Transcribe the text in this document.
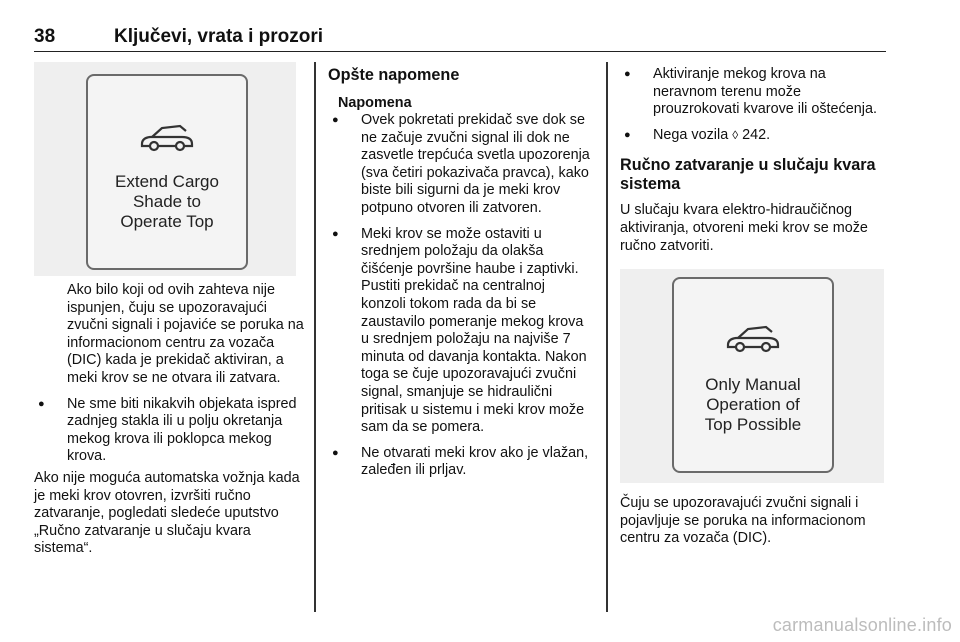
38	Ključevi, vrata i prozori
Extend Cargo
Shade to
Operate Top

Ako bilo koji od ovih zahteva nije ispunjen, čuju se upozoravajući zvučni signali i pojaviće se poruka na informacionom centru za vozača (DIC) kada je prekidač aktiviran, a meki krov se ne otvara ili zatvara.

● Ne sme biti nikakvih objekata ispred zadnjeg stakla ili u polju okretanja mekog krova ili poklopca mekog krova.

Ako nije moguća automatska vožnja kada je meki krov otovren, izvršiti ručno zatvaranje, pogledati sledeće uputstvo „Ručno zatvaranje u slučaju kvara sistema“.

Opšte napomene
Napomena
● Ovek pokretati prekidač sve dok se ne začuje zvučni signal ili dok ne zasvetle trepćuća svetla upozorenja (sva četiri pokazivača pravca), kako biste bili sigurni da je meki krov potpuno otvoren ili zatvoren.
● Meki krov se može ostaviti u srednjem položaju da olakša čišćenje površine haube i zaptivki. Pustiti prekidač na centralnoj konzoli tokom rada da bi se zaustavilo pomeranje mekog krova u srednjem položaju na najviše 7 minuta od davanja kontakta. Nakon toga se čuje upozoravajući zvučni signal, smanjuje se hidraulični pritisak u sistemu i meki krov može sam da se pomera.
● Ne otvarati meki krov ako je vlažan, zaleđen ili prljav.
● Aktiviranje mekog krova na neravnom terenu može prouzrokovati kvarove ili oštećenja.
● Nega vozila ◊ 242.
Ručno zatvaranje u slučaju kvara sistema

U slučaju kvara elektro-hidraučičnog aktiviranja, otvoreni meki krov se može ručno zatvoriti.

Only Manual
Operation of
Top Possible

Čuju se upozoravajući zvučni signali i pojavljuje se poruka na informacionom centru za vozača (DIC).

carmanualsonline.info
